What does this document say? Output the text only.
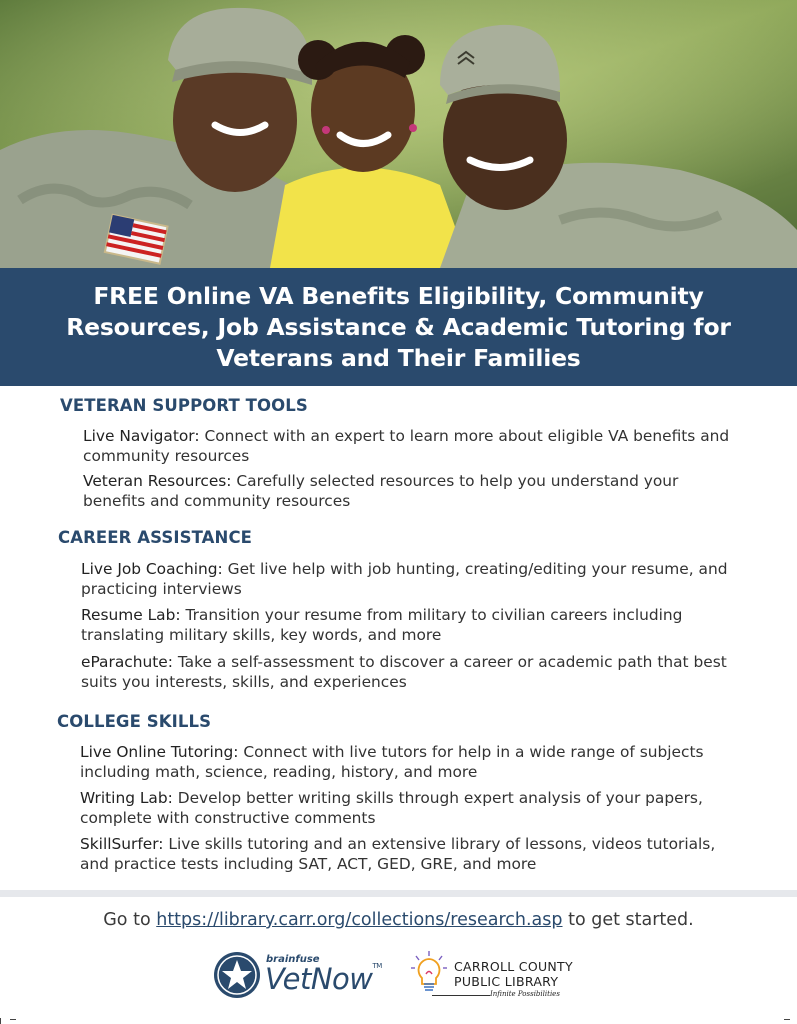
FREE Online VA Benefits Eligibility, Community Resources, Job Assistance & Academic Tutoring for Veterans and Their Families
VETERAN SUPPORT TOOLS

Live Navigator: Connect with an expert to learn more about eligible VA benefits and community resources

Veteran Resources: Carefully selected resources to help you understand your benefits and community resources

CAREER ASSISTANCE

Live Job Coaching: Get live help with job hunting, creating/editing your resume, and practicing interviews

Resume Lab: Transition your resume from military to civilian careers including translating military skills, key words, and more

eParachute: Take a self-assessment to discover a career or academic path that best suits you interests, skills, and experiences

COLLEGE SKILLS

Live Online Tutoring: Connect with live tutors for help in a wide range of subjects including math, science, reading, history, and more

Writing Lab: Develop better writing skills through expert analysis of your papers, complete with constructive comments

SkillSurfer: Live skills tutoring and an extensive library of lessons, videos tutorials, and practice tests including SAT, ACT, GED, GRE, and more

Go to https://library.carr.org/collections/research.asp to get started.

brainfuse
VetNow™	CARROLL COUNTY
PUBLIC LIBRARY
Infinite Possibilities
